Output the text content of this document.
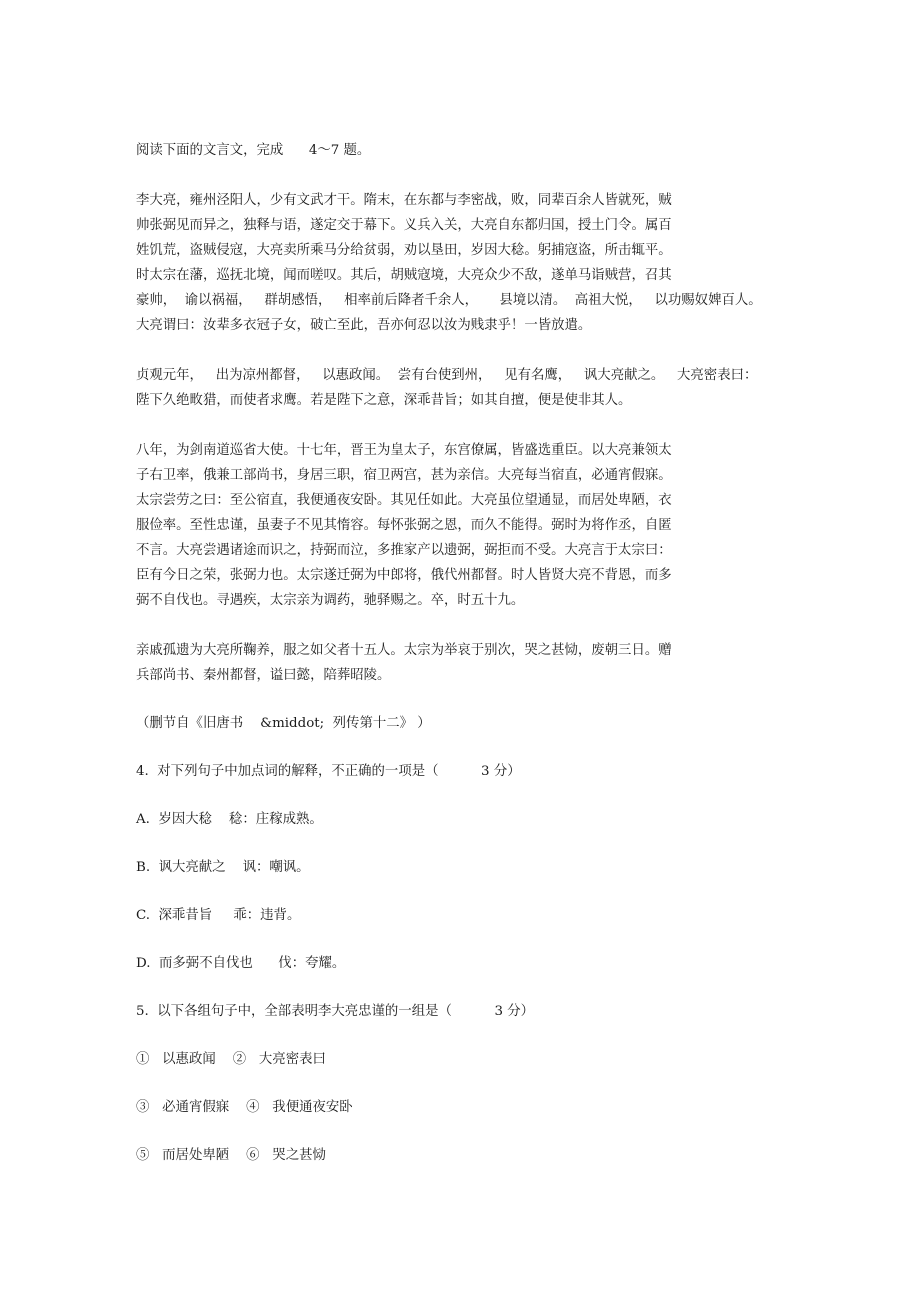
阅读下面的文言文，完成      4～7 题。
李大亮，雍州泾阳人，少有文武才干。隋末，在东都与李密战，败，同辈百余人皆就死，贼
帅张弼见而异之，独释与语，遂定交于幕下。义兵入关，大亮自东都归国，授土门令。属百
姓饥荒，盗贼侵寇，大亮卖所乘马分给贫弱，劝以垦田，岁因大稔。躬捕寇盗，所击辄平。
时太宗在藩，巡抚北境，闻而嗟叹。其后，胡贼寇境，大亮众少不敌，遂单马诣贼营，召其
豪帅，  谕以祸福，   群胡感悟，   相率前后降者千余人，     县境以清。  高祖大悦，   以功赐奴婢百人。
大亮谓曰：汝辈多衣冠子女，破亡至此，吾亦何忍以汝为贱隶乎！一皆放遣。
贞观元年，   出为凉州都督，   以惠政闻。  尝有台使到州，   见有名鹰，   讽大亮献之。   大亮密表曰：
陛下久绝畋猎，而使者求鹰。若是陛下之意，深乖昔旨；如其自擅，便是使非其人。
八年，为剑南道巡省大使。十七年，晋王为皇太子，东宫僚属，皆盛选重臣。以大亮兼领太
子右卫率，俄兼工部尚书，身居三职，宿卫两宫，甚为亲信。大亮每当宿直，必通宵假寐。
太宗尝劳之曰：至公宿直，我便通夜安卧。其见任如此。大亮虽位望通显，而居处卑陋，衣
服俭率。至性忠谨，虽妻子不见其惰容。每怀张弼之恩，而久不能得。弼时为将作丞，自匿
不言。大亮尝遇诸途而识之，持弼而泣，多推家产以遗弼，弼拒而不受。大亮言于太宗曰：
臣有今日之荣，张弼力也。太宗遂迁弼为中郎将，俄代州都督。时人皆贤大亮不背恩，而多
弼不自伐也。寻遇疾，太宗亲为调药，驰驿赐之。卒，时五十九。
亲戚孤遗为大亮所鞠养，服之如父者十五人。太宗为举哀于别次，哭之甚恸，废朝三日。赠
兵部尚书、秦州都督，谥曰懿，陪葬昭陵。
（删节自《旧唐书    &middot;  列传第十二》 ）
4.  对下列句子中加点词的解释，不正确的一项是（          3 分）
A.  岁因大稔    稔：庄稼成熟。
B.  讽大亮献之    讽：嘲讽。
C.  深乖昔旨     乖：违背。
D.  而多弼不自伐也      伐：夸耀。
5.  以下各组句子中，全部表明李大亮忠谨的一组是（          3 分）
①   以惠政闻    ②   大亮密表曰
③   必通宵假寐    ④   我便通夜安卧
⑤   而居处卑陋    ⑥   哭之甚恸
